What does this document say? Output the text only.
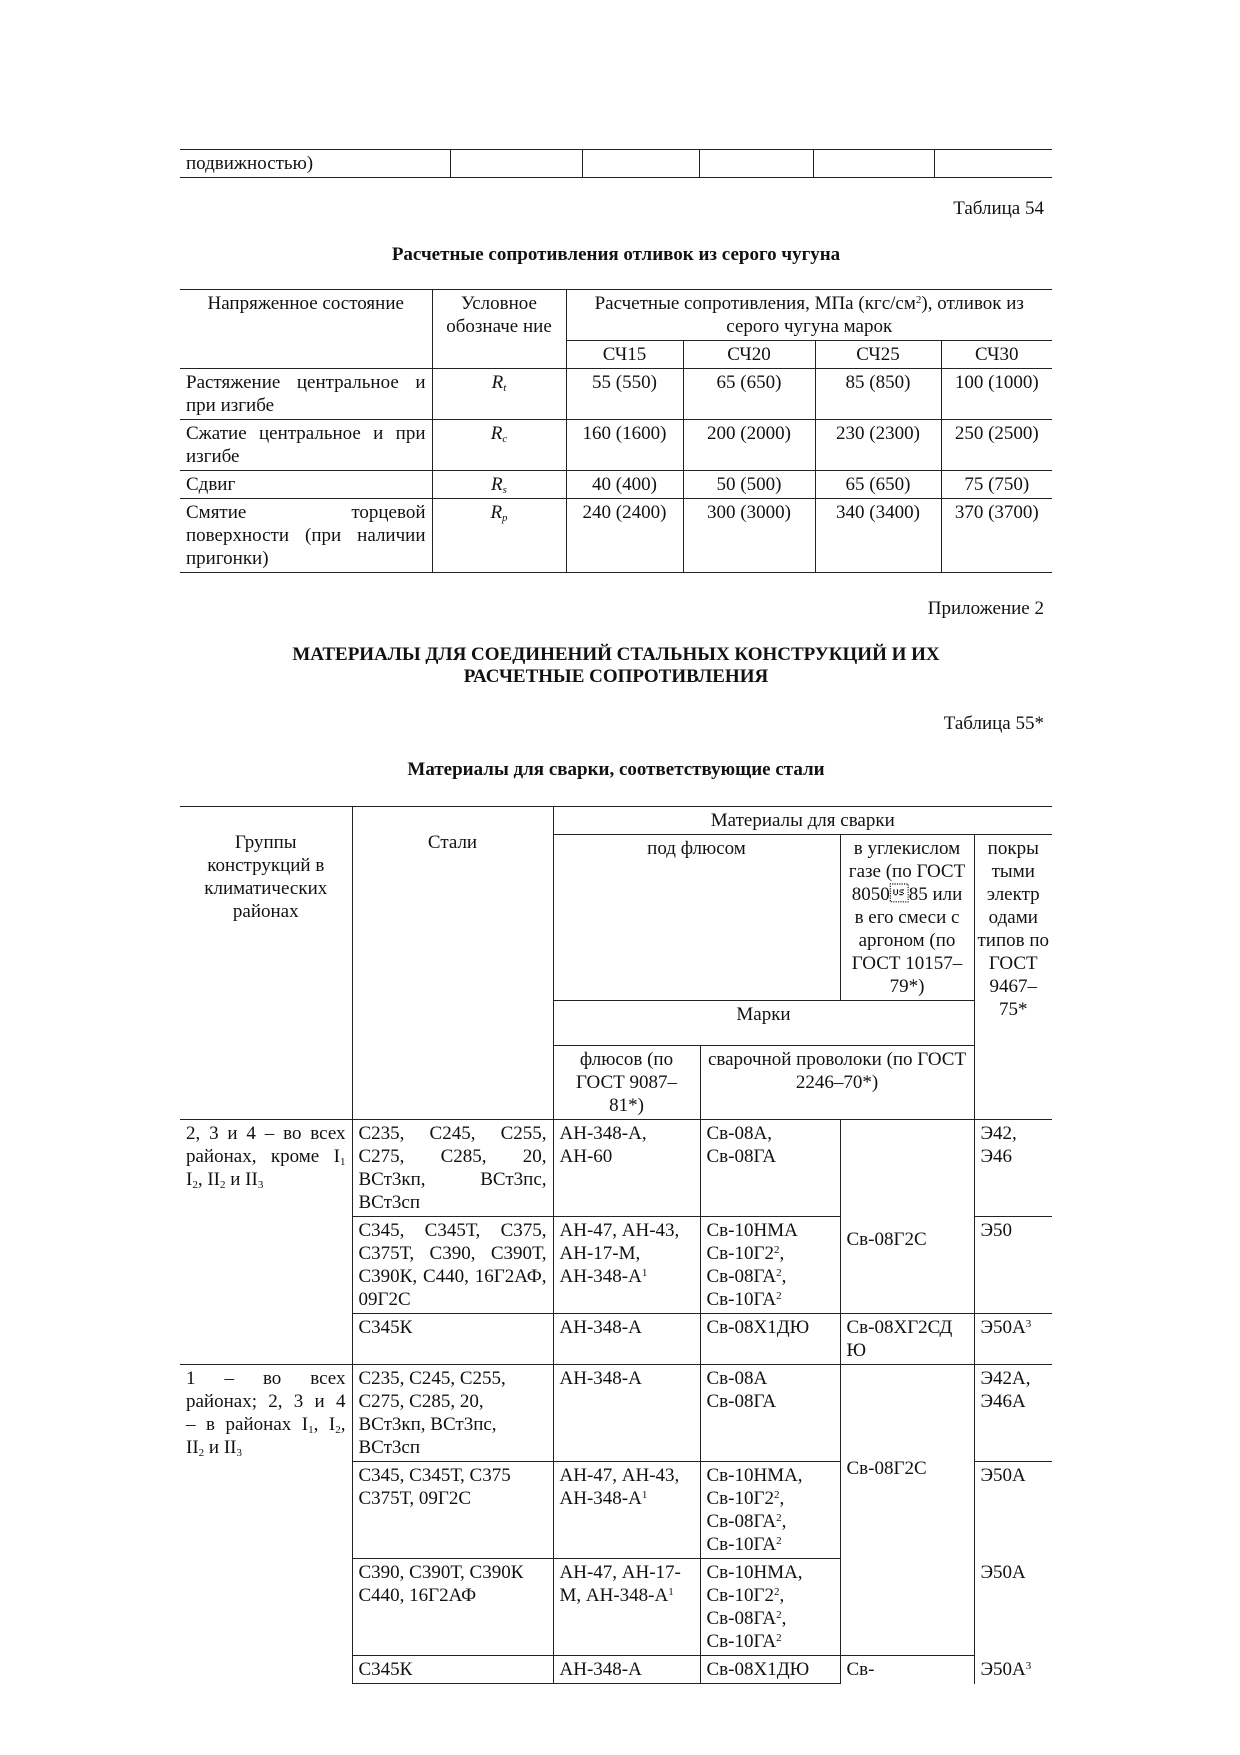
подвижностью)					
Таблица 54
Расчетные сопротивления отливок из серого чугуна
Напряженное состояние	Условное обозначе ние	Расчетные сопротивления, МПа $(кгс/см^2)$, отливок из серого чугуна марок			
		СЧ15	СЧ20	СЧ25	СЧ30

Растяжение центральное и
при изгибе	$R_t$	55 (550)	65 (650)	85 (850)	100 (1000)

Сжатие центральное и при
изгибе	$R_c$	160 (1600)	200 (2000)	230 (2300)	250 (2500)

Сдвиг	$R_s$	40 (400)	50 (500)	65 (650)	75 (750)

Смятие торцевой
поверхности (при наличии
пригонки)	$R_p$	240 (2400)	300 (3000)	340 (3400)	370 (3700)
Приложение 2
МАТЕРИАЛЫ ДЛЯ СОЕДИНЕНИЙ СТАЛЬНЫХ КОНСТРУКЦИЙ И ИХ
РАСЧЕТНЫЕ СОПРОТИВЛЕНИЯ
Таблица 55*
Материалы для сварки, соответствующие стали
Группы конструкций в климатических районах	Стали	Материалы для сварки			
		под флюсом		в углекислом газе (по ГОСТ 805085 или в его смеси с аргоном (по ГОСТ 10157–79*)	покры тыми электр одами типов по ГОСТ 9467– 75*
		Марки			
		флюсов (по ГОСТ 9087– 81*)	сварочной проволоки (по ГОСТ 2246–70*)		

2, 3 и 4 – во всех
районах, кроме $I_1$
$I_2$, $II_2$ и $II_3$	С235, С245, С255, С275, С285, 20, ВСт3кп, ВСт3пс, ВСт3сп	АН-348-А, АН-60	Св-08А, Св-08ГА	Св-08Г2С	Э42, Э46
	С345, С345Т, С375, С375Т, С390, С390Т, С390К, С440, 16Г2АФ, 09Г2С	АН-47, АН-43, АН-17-М, $АН-348-А^1$	Св-10НМА
$Св-10Г2^2$,
$Св-08ГА^2$,
$Св-10ГА^2$		Э50
	С345К	АН-348-А	Св-08Х1ДЮ	Св-08ХГ2СДЮ	$Э50А^3$

1 – во всех
районах; 2, 3 и 4
– в районах $I_1$, $I_2$,
$II_2$ и $II_3$	С235, С245, С255, С275, С285, 20, ВСт3кп, ВСт3пс, ВСт3сп	АН-348-А	Св-08А Св-08ГА	Св-08Г2С	Э42А, Э46А
	С345, С345Т, С375 С375Т, 09Г2С	АН-47, АН-43, $АН-348-А^1$	Св-10НМА,
$Св-10Г2^2$,
$Св-08ГА^2$,
$Св-10ГА^2$		Э50А
	С390, С390Т, С390К С440, 16Г2АФ	АН-47, АН-17-М, $АН-348-А^1$	Св-10НМА,
$Св-10Г2^2$,
$Св-08ГА^2$,
$Св-10ГА^2$		Э50А
	С345К	АН-348-А	Св-08Х1ДЮ	Св-	$Э50А^3$
